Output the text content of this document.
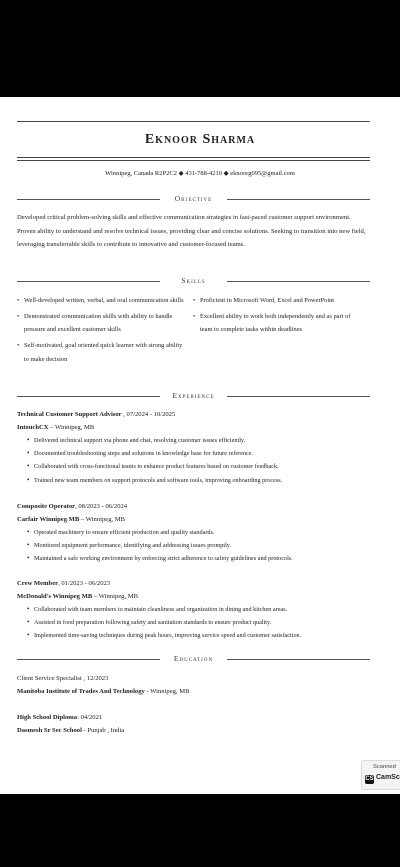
Eknoor Sharma
Winnipeg, Canada R2P2C2 ◆ 431-788-4210 ◆ eknoorg095@gmail.com
Objective
Developed critical problem-solving skills and effective communication strategies in fast-paced customer support environment. Proven ability to understand and resolve technical issues, providing clear and concise solutions. Seeking to transition into new field, leveraging transferrable skills to contribute to innovative and customer-focused teams.
Skills
• Well-developed written, verbal, and oral communication skills
• Demonstrated communication skills with ability to handle pressure and excellent customer skills
• Self-motivated, goal oriented quick learner with strong ability to make decision
• Proficient in Microsoft Word, Excel and PowerPoint
• Excellent ability to work both independently and as part of team to complete tasks within deadlines
Experience
Technical Customer Support Advisor , 07/2024 - 10/2025
IntouchCX – Winnipeg, MB
• Delivered technical support via phone and chat, resolving customer issues efficiently.
• Documented troubleshooting steps and solutions in knowledge base for future reference.
• Collaborated with cross-functional teams to enhance product features based on customer feedback.
• Trained new team members on support protocols and software tools, improving onboarding process.
Composite Operator, 08/2023 - 06/2024
Carfair Winnipeg MB – Winnipeg, MB
• Operated machinery to ensure efficient production and quality standards.
• Monitored equipment performance, identifying and addressing issues promptly.
• Maintained a safe working environment by enforcing strict adherence to safety guidelines and protocols.
Crew Member, 01/2023 - 06/2023
McDonald's Winnipeg MB – Winnipeg, MB
• Collaborated with team members to maintain cleanliness and organization in dining and kitchen areas.
• Assisted in food preparation following safety and sanitation standards to ensure product quality.
• Implemented time-saving techniques during peak hours, improving service speed and customer satisfaction.
Education
Client Service Specialist , 12/2023
Manitoba Institute of Trades And Technology - Winnipeg, MB
High School Diploma: 04/2021
Dasmesh Sr Sec School - Punjab , India
Scanned
CS CamSc
